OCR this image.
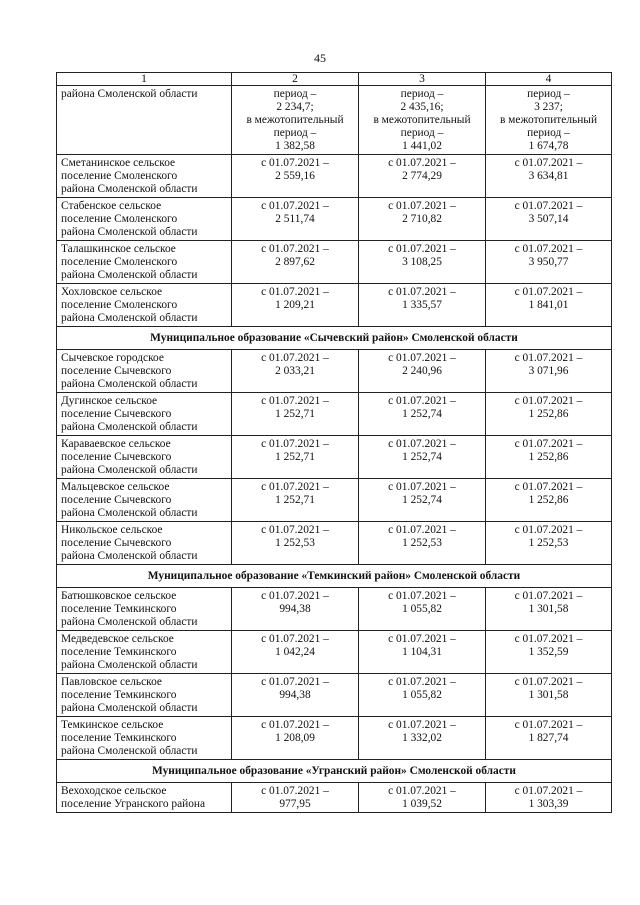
45
1	2	3	4

района Смоленской области	период –
2 234,7;
в межотопительный
период –
1 382,58	период –
2 435,16;
в межотопительный
период –
1 441,02	период –
3 237;
в межотопительный
период –
1 674,78

Сметанинское сельское
поселение Смоленского
района Смоленской области	с 01.07.2021 –
2 559,16	с 01.07.2021 –
2 774,29	с 01.07.2021 –
3 634,81

Стабенское сельское
поселение Смоленского
района Смоленской области	с 01.07.2021 –
2 511,74	с 01.07.2021 –
2 710,82	с 01.07.2021 –
3 507,14

Талашкинское сельское
поселение Смоленского
района Смоленской области	с 01.07.2021 –
2 897,62	с 01.07.2021 –
3 108,25	с 01.07.2021 –
3 950,77

Хохловское сельское
поселение Смоленского
района Смоленской области	с 01.07.2021 –
1 209,21	с 01.07.2021 –
1 335,57	с 01.07.2021 –
1 841,01

Муниципальное образование «Сычевский район» Смоленской области			

Сычевское городское
поселение Сычевского
района Смоленской области	с 01.07.2021 –
2 033,21	с 01.07.2021 –
2 240,96	с 01.07.2021 –
3 071,96

Дугинское сельское
поселение Сычевского
района Смоленской области	с 01.07.2021 –
1 252,71	с 01.07.2021 –
1 252,74	с 01.07.2021 –
1 252,86

Караваевское сельское
поселение Сычевского
района Смоленской области	с 01.07.2021 –
1 252,71	с 01.07.2021 –
1 252,74	с 01.07.2021 –
1 252,86

Мальцевское сельское
поселение Сычевского
района Смоленской области	с 01.07.2021 –
1 252,71	с 01.07.2021 –
1 252,74	с 01.07.2021 –
1 252,86

Никольское сельское
поселение Сычевского
района Смоленской области	с 01.07.2021 –
1 252,53	с 01.07.2021 –
1 252,53	с 01.07.2021 –
1 252,53

Муниципальное образование «Темкинский район» Смоленской области			

Батюшковское сельское
поселение Темкинского
района Смоленской области	с 01.07.2021 –
994,38	с 01.07.2021 –
1 055,82	с 01.07.2021 –
1 301,58

Медведевское сельское
поселение Темкинского
района Смоленской области	с 01.07.2021 –
1 042,24	с 01.07.2021 –
1 104,31	с 01.07.2021 –
1 352,59

Павловское сельское
поселение Темкинского
района Смоленской области	с 01.07.2021 –
994,38	с 01.07.2021 –
1 055,82	с 01.07.2021 –
1 301,58

Темкинское сельское
поселение Темкинского
района Смоленской области	с 01.07.2021 –
1 208,09	с 01.07.2021 –
1 332,02	с 01.07.2021 –
1 827,74

Муниципальное образование «Угранский район» Смоленской области			

Вехоходское сельское
поселение Угранского района	с 01.07.2021 –
977,95	с 01.07.2021 –
1 039,52	с 01.07.2021 –
1 303,39
